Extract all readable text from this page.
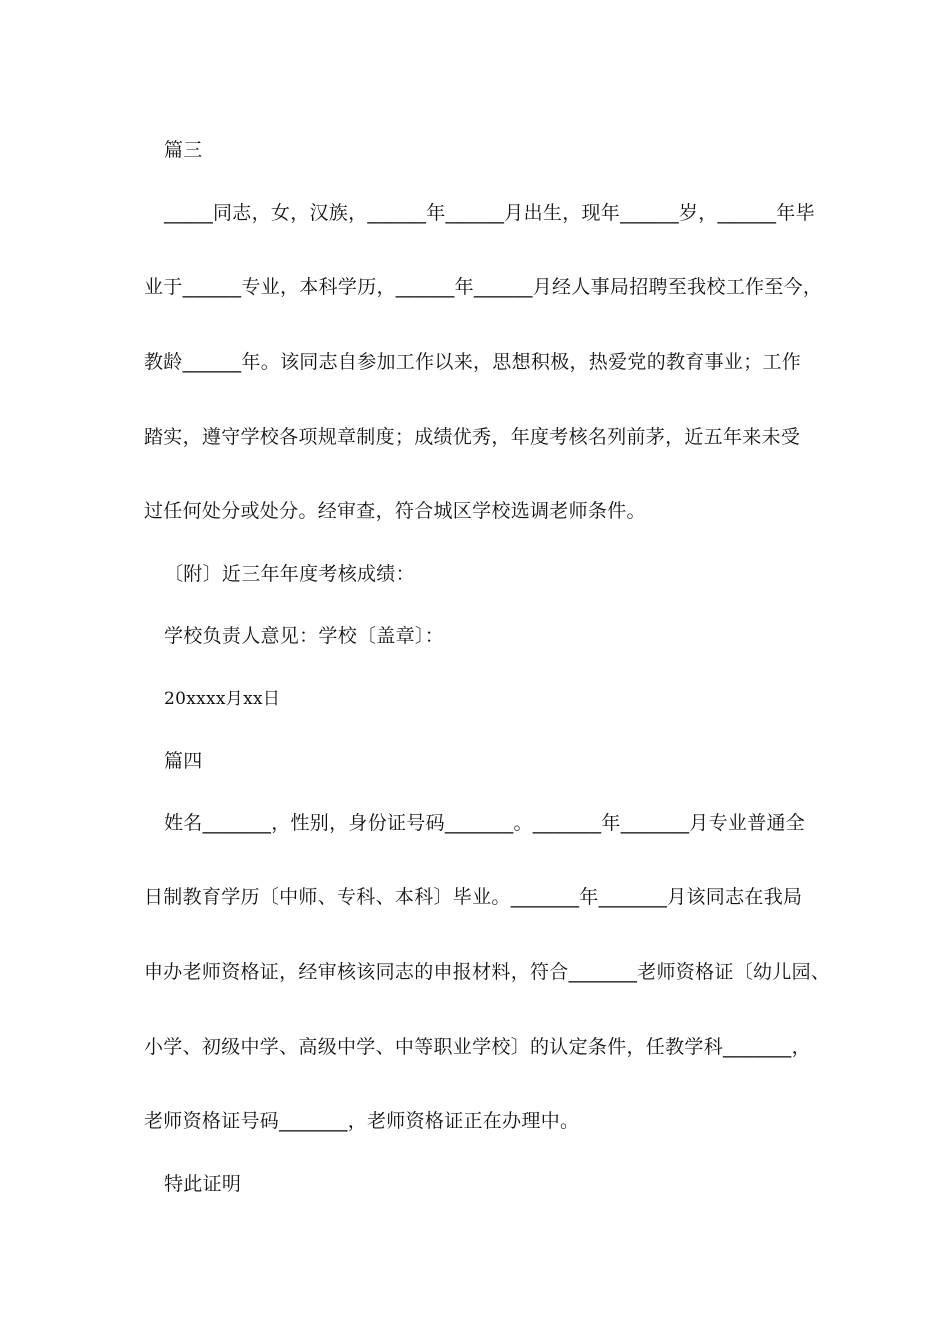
篇三
_____同志，女，汉族，______年______月出生，现年______岁，______年毕
业于______专业，本科学历，______年______月经人事局招聘至我校工作至今，
教龄______年。该同志自参加工作以来，思想积极，热爱党的教育事业；工作
踏实，遵守学校各项规章制度；成绩优秀，年度考核名列前茅，近五年来未受
过任何处分或处分。经审查，符合城区学校选调老师条件。
〔附〕近三年年度考核成绩：
学校负责人意见：学校〔盖章〕：
20xxxx月xx日
篇四
姓名_______，性别，身份证号码_______。_______年_______月专业普通全
日制教育学历〔中师、专科、本科〕毕业。_______年_______月该同志在我局
申办老师资格证，经审核该同志的申报材料，符合_______老师资格证〔幼儿园、
小学、初级中学、高级中学、中等职业学校〕的认定条件，任教学科_______，
老师资格证号码_______，老师资格证正在办理中。
特此证明
